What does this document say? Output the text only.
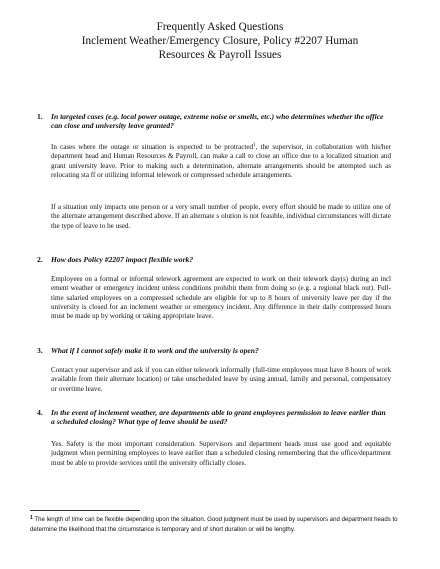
Frequently Asked Questions
Inclement Weather/Emergency Closure, Policy #2207 Human
Resources & Payroll Issues
1. In targeted cases (e.g. local power outage, extreme noise or smells, etc.) who determines whether the office can close and university leave granted?
In cases where the outage or situation is expected to be protracted$^1$, the supervisor, in collaboration with his/her department head and Human Resources & Payroll, can make a call to close an office due to a localized situation and grant university leave. Prior to making such a determination, alternate arrangements should be attempted such as relocating sta ff or utilizing informal telework or compressed schedule arrangements.
If a situation only impacts one person or a very small number of people, every effort should be made to utilize one of the alternate arrangement described above. If an alternate s olution is not feasible, individual circumstances will dictate the type of leave to be used.
2. How does Policy #2207 impact flexible work?
Employees on a formal or informal telework agreement are expected to work on their telework day(s) during an incl ement weather or emergency incident unless conditions prohibit them from doing so (e.g. a regional black out). Full-time salaried employees on a compressed schedule are eligible for up to 8 hours of university leave per day if the university is closed for an inclement weather or emergency incident. Any difference in their daily compressed hours must be made up by working or taking appropriate leave.
3. What if I cannot safely make it to work and the university is open?
Contact your supervisor and ask if you can either telework informally (full-time employees must have 8 hours of work available from their alternate location) or take unscheduled leave by using annual, family and personal, compensatory or overtime leave.
4. In the event of inclement weather, are departments able to grant employees permission to leave earlier than a scheduled closing? What type of leave should be used?
Yes. Safety is the most important consideration. Supervisors and department heads must use good and equitable judgment when permitting employees to leave earlier than a scheduled closing remembering that the office/department must be able to provide services until the university officially closes.
$^1$ The length of time can be flexible depending upon the situation. Good judgment must be used by supervisors and department heads to determine the likelihood that the circumstance is temporary and of short duration or will be lengthy.
